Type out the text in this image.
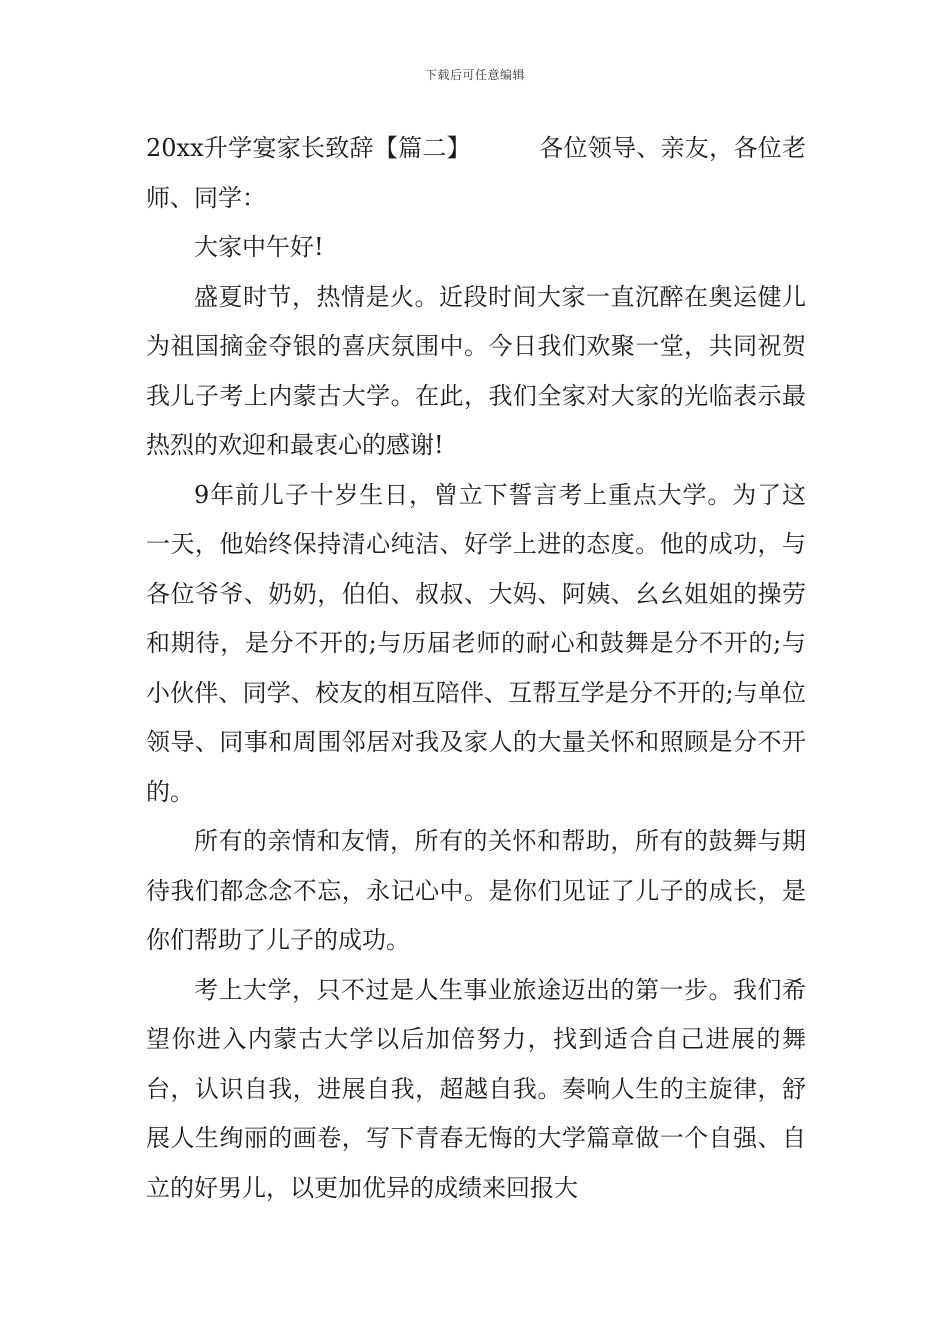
下载后可任意编辑

20xx升学宴家长致辞【篇二】	各位领导、亲友，各位老师、同学：

大家中午好!

盛夏时节，热情是火。近段时间大家一直沉醉在奥运健儿为祖国摘金夺银的喜庆氛围中。今日我们欢聚一堂，共同祝贺我儿子考上内蒙古大学。在此，我们全家对大家的光临表示最热烈的欢迎和最衷心的感谢!

9年前儿子十岁生日，曾立下誓言考上重点大学。为了这一天，他始终保持清心纯洁、好学上进的态度。他的成功，与各位爷爷、奶奶，伯伯、叔叔、大妈、阿姨、幺幺姐姐的操劳和期待，是分不开的;与历届老师的耐心和鼓舞是分不开的;与小伙伴、同学、校友的相互陪伴、互帮互学是分不开的;与单位领导、同事和周围邻居对我及家人的大量关怀和照顾是分不开的。

所有的亲情和友情，所有的关怀和帮助，所有的鼓舞与期待我们都念念不忘，永记心中。是你们见证了儿子的成长，是你们帮助了儿子的成功。

考上大学，只不过是人生事业旅途迈出的第一步。我们希望你进入内蒙古大学以后加倍努力，找到适合自己进展的舞台，认识自我，进展自我，超越自我。奏响人生的主旋律，舒展人生绚丽的画卷，写下青春无悔的大学篇章做一个自强、自立的好男儿，以更加优异的成绩来回报大
